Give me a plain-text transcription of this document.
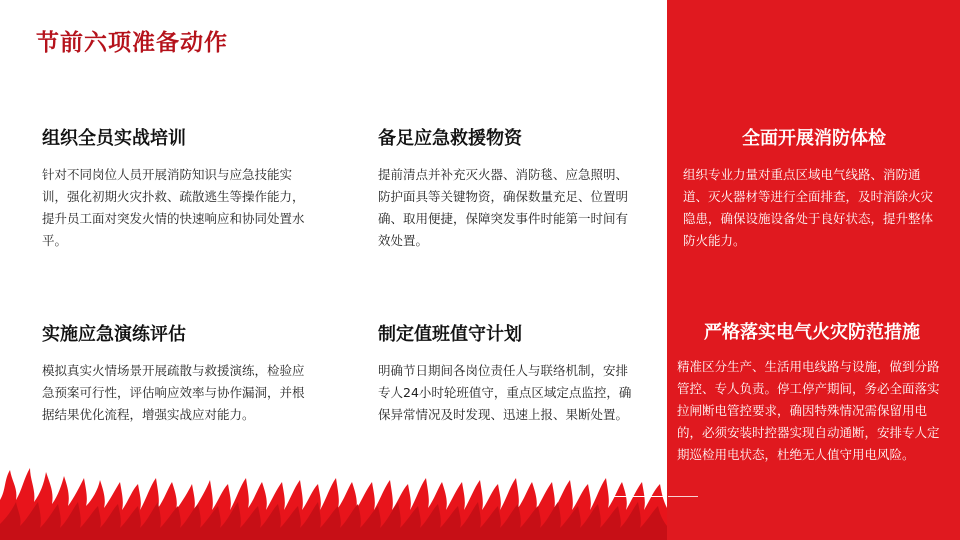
节前六项准备动作
组织全员实战培训

针对不同岗位人员开展消防知识与应急技能实训，强化初期火灾扑救、疏散逃生等操作能力，提升员工面对突发火情的快速响应和协同处置水平。

备足应急救援物资

提前清点并补充灭火器、消防毯、应急照明、防护面具等关键物资，确保数量充足、位置明确、取用便捷，保障突发事件时能第一时间有效处置。

全面开展消防体检

组织专业力量对重点区域电气线路、消防通道、灭火器材等进行全面排查，及时消除火灾隐患，确保设施设备处于良好状态，提升整体防火能力。

实施应急演练评估

模拟真实火情场景开展疏散与救援演练，检验应急预案可行性，评估响应效率与协作漏洞，并根据结果优化流程，增强实战应对能力。

制定值班值守计划

明确节日期间各岗位责任人与联络机制，安排专人24小时轮班值守，重点区域定点监控，确保异常情况及时发现、迅速上报、果断处置。

严格落实电气火灾防范措施

精准区分生产、生活用电线路与设施，做到分路管控、专人负责。停工停产期间，务必全面落实拉闸断电管控要求，确因特殊情况需保留用电的，必须安装时控器实现自动通断，安排专人定期巡检用电状态，杜绝无人值守用电风险。
